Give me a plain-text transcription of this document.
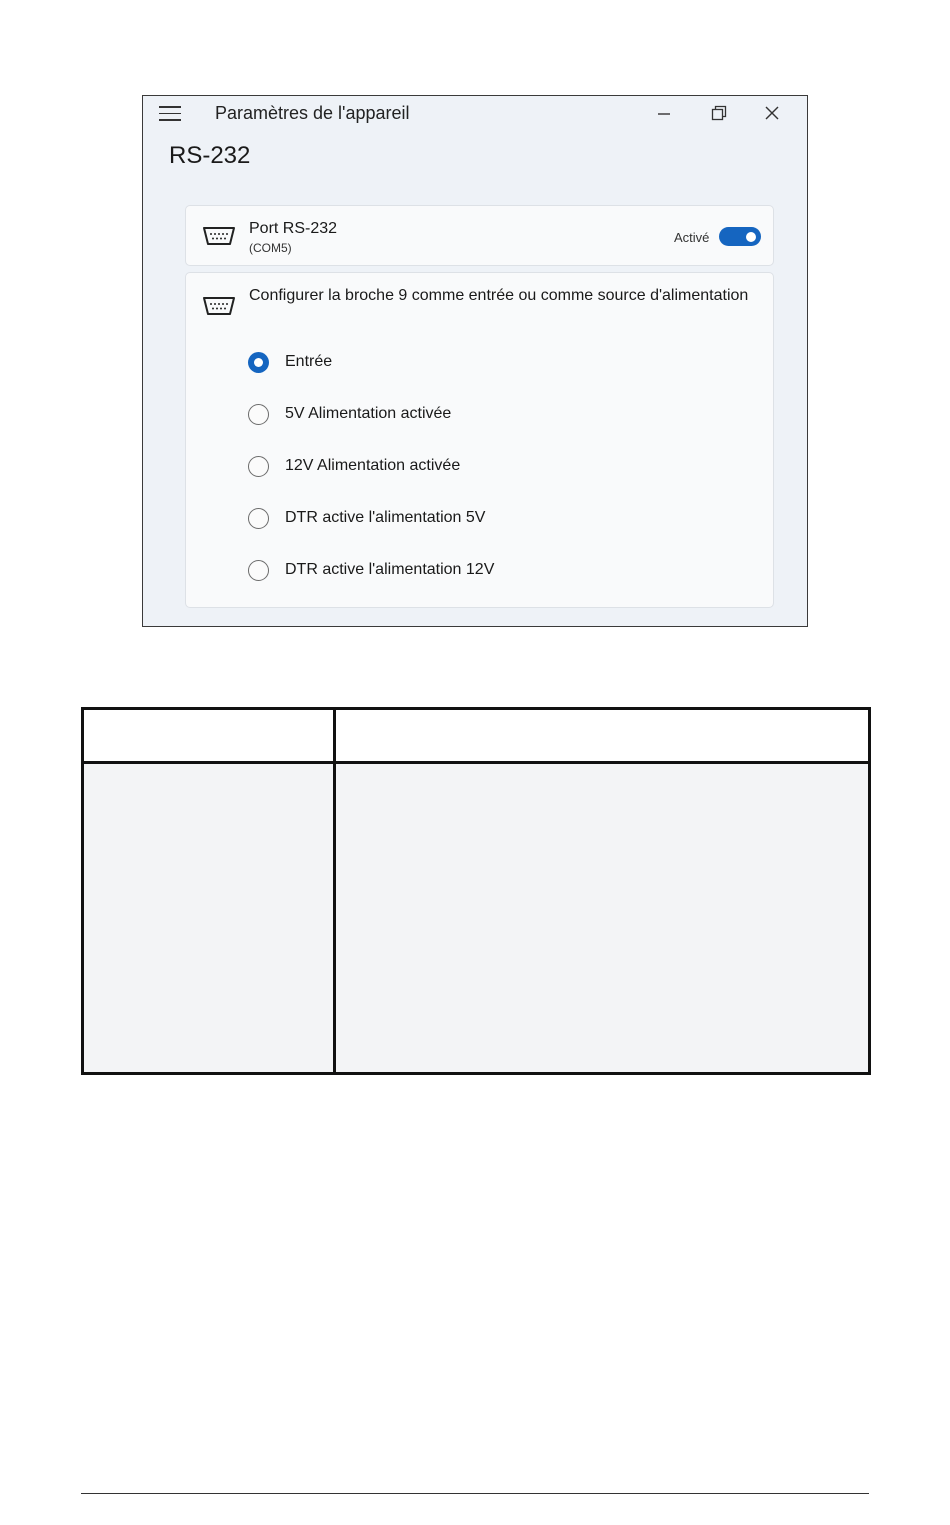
Paramètres de l'appareil
RS-232
Port RS-232
(COM5)
Activé
Configurer la broche 9 comme entrée ou comme source d'alimentation
Entrée
5V Alimentation activée
12V Alimentation activée
DTR active l'alimentation 5V
DTR active l'alimentation 12V
